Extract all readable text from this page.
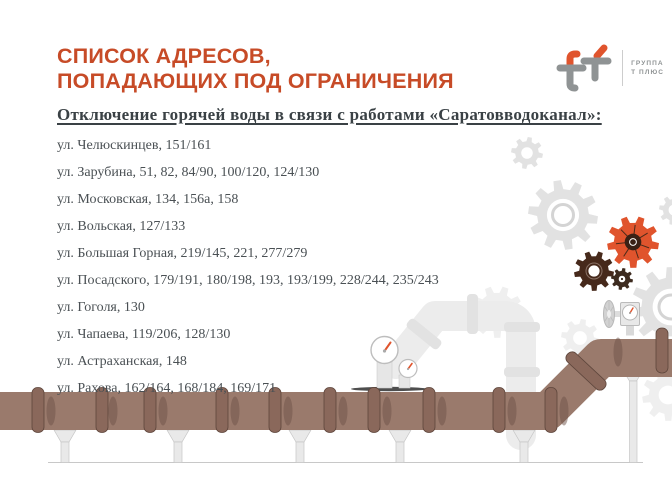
СПИСОК АДРЕСОВ,
ПОПАДАЮЩИХ ПОД ОГРАНИЧЕНИЯ
Отключение горячей воды в связи с работами «Саратовводоканал»:
ул. Челюскинцев, 151/161
ул. Зарубина, 51, 82, 84/90, 100/120, 124/130
ул. Московская, 134, 156а, 158
ул. Вольская, 127/133
ул. Большая Горная, 219/145, 221, 277/279
ул. Посадского, 179/191, 180/198, 193, 193/199, 228/244, 235/243
ул. Гоголя, 130
ул. Чапаева, 119/206, 128/130
ул. Астраханская, 148
ул. Рахова, 162/164, 168/184, 169/171
ГРУППА
Т ПЛЮС
